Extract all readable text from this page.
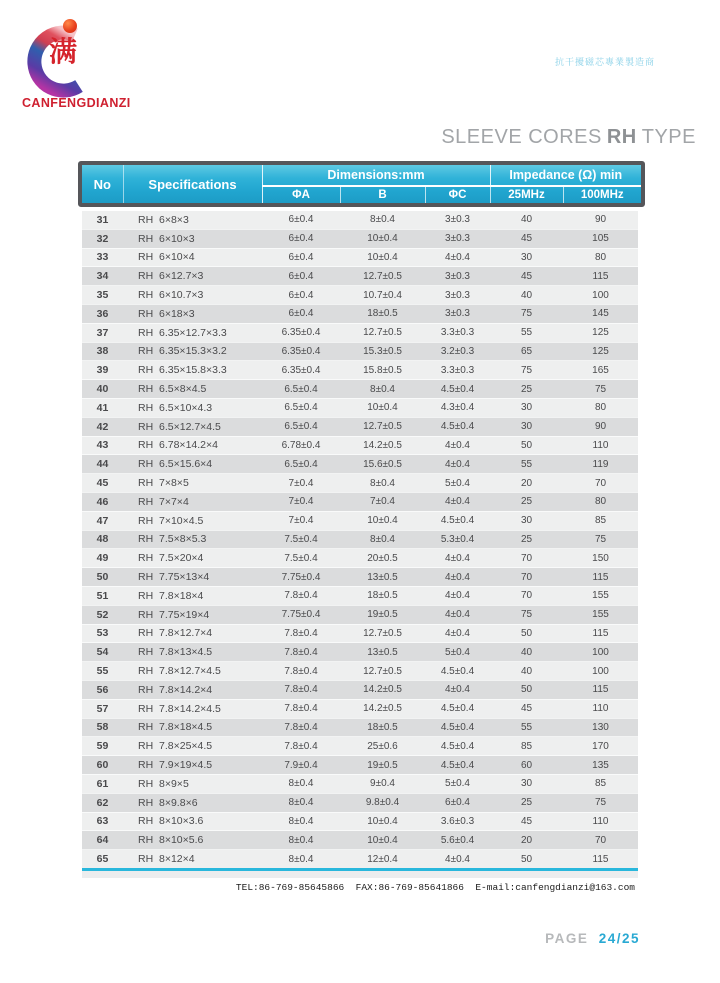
满
CANFENGDIANZI
抗干擾磁芯專業製造商
SLEEVE CORES RH TYPE
No	Specifications	Dimensions:mm			Impedance (Ω) min	
		ΦA	B	ΦC	25MHz	100MHz
31	RH  6×8×3	6±0.4	8±0.4	3±0.3	40	90
32	RH  6×10×3	6±0.4	10±0.4	3±0.3	45	105
33	RH  6×10×4	6±0.4	10±0.4	4±0.4	30	80
34	RH  6×12.7×3	6±0.4	12.7±0.5	3±0.3	45	115
35	RH  6×10.7×3	6±0.4	10.7±0.4	3±0.3	40	100
36	RH  6×18×3	6±0.4	18±0.5	3±0.3	75	145
37	RH  6.35×12.7×3.3	6.35±0.4	12.7±0.5	3.3±0.3	55	125
38	RH  6.35×15.3×3.2	6.35±0.4	15.3±0.5	3.2±0.3	65	125
39	RH  6.35×15.8×3.3	6.35±0.4	15.8±0.5	3.3±0.3	75	165
40	RH  6.5×8×4.5	6.5±0.4	8±0.4	4.5±0.4	25	75
41	RH  6.5×10×4.3	6.5±0.4	10±0.4	4.3±0.4	30	80
42	RH  6.5×12.7×4.5	6.5±0.4	12.7±0.5	4.5±0.4	30	90
43	RH  6.78×14.2×4	6.78±0.4	14.2±0.5	4±0.4	50	110
44	RH  6.5×15.6×4	6.5±0.4	15.6±0.5	4±0.4	55	119
45	RH  7×8×5	7±0.4	8±0.4	5±0.4	20	70
46	RH  7×7×4	7±0.4	7±0.4	4±0.4	25	80
47	RH  7×10×4.5	7±0.4	10±0.4	4.5±0.4	30	85
48	RH  7.5×8×5.3	7.5±0.4	8±0.4	5.3±0.4	25	75
49	RH  7.5×20×4	7.5±0.4	20±0.5	4±0.4	70	150
50	RH  7.75×13×4	7.75±0.4	13±0.5	4±0.4	70	115
51	RH  7.8×18×4	7.8±0.4	18±0.5	4±0.4	70	155
52	RH  7.75×19×4	7.75±0.4	19±0.5	4±0.4	75	155
53	RH  7.8×12.7×4	7.8±0.4	12.7±0.5	4±0.4	50	115
54	RH  7.8×13×4.5	7.8±0.4	13±0.5	5±0.4	40	100
55	RH  7.8×12.7×4.5	7.8±0.4	12.7±0.5	4.5±0.4	40	100
56	RH  7.8×14.2×4	7.8±0.4	14.2±0.5	4±0.4	50	115
57	RH  7.8×14.2×4.5	7.8±0.4	14.2±0.5	4.5±0.4	45	110
58	RH  7.8×18×4.5	7.8±0.4	18±0.5	4.5±0.4	55	130
59	RH  7.8×25×4.5	7.8±0.4	25±0.6	4.5±0.4	85	170
60	RH  7.9×19×4.5	7.9±0.4	19±0.5	4.5±0.4	60	135
61	RH  8×9×5	8±0.4	9±0.4	5±0.4	30	85
62	RH  8×9.8×6	8±0.4	9.8±0.4	6±0.4	25	75
63	RH  8×10×3.6	8±0.4	10±0.4	3.6±0.3	45	110
64	RH  8×10×5.6	8±0.4	10±0.4	5.6±0.4	20	70
65	RH  8×12×4	8±0.4	12±0.4	4±0.4	50	115
TEL:86-769-85645866  FAX:86-769-85641866  E-mail:canfengdianzi@163.com
PAGE 24/25
